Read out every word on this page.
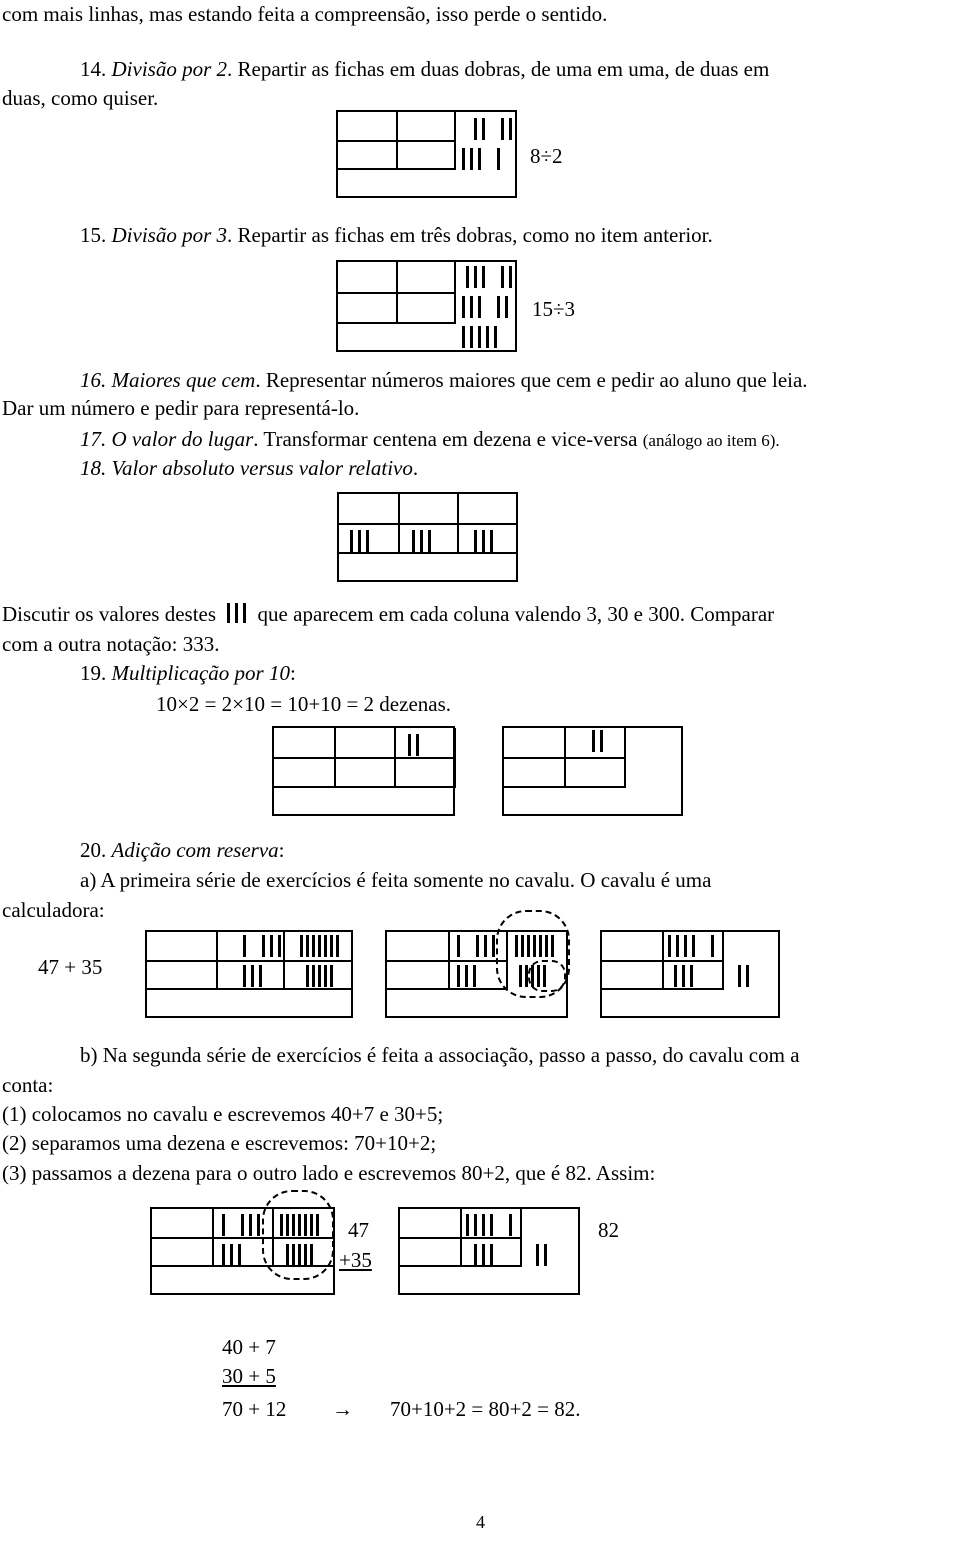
com mais linhas, mas estando feita a compreensão, isso perde o sentido.
14. Divisão por 2. Repartir as fichas em duas dobras, de uma em uma, de duas em
duas, como quiser.
8÷2
15. Divisão por 3. Repartir as fichas em três dobras, como no item anterior.
15÷3
16. Maiores que cem. Representar números maiores que cem e pedir ao aluno que leia.
Dar um número e pedir para representá-lo.
17. O valor do lugar. Transformar centena em dezena e vice-versa (análogo ao item 6).
18. Valor absoluto versus valor relativo.
Discutir os valores destes
que aparecem em cada coluna valendo 3, 30 e 300. Comparar
com a outra notação: 333.
19. Multiplicação por 10:
10×2 = 2×10 = 10+10 = 2 dezenas.
20. Adição com reserva:
a) A primeira série de exercícios é feita somente no cavalu. O cavalu é uma
calculadora:
47 + 35
b) Na segunda série de exercícios é feita a associação, passo a passo, do cavalu com a
conta:
(1) colocamos no cavalu e escrevemos 40+7 e 30+5;
(2) separamos uma dezena e escrevemos: 70+10+2;
(3) passamos a dezena para o outro lado e escrevemos 80+2, que é 82. Assim:
47
+35
82
40 + 7
30 + 5
70 + 12 → 70+10+2 = 80+2 = 82.
4
